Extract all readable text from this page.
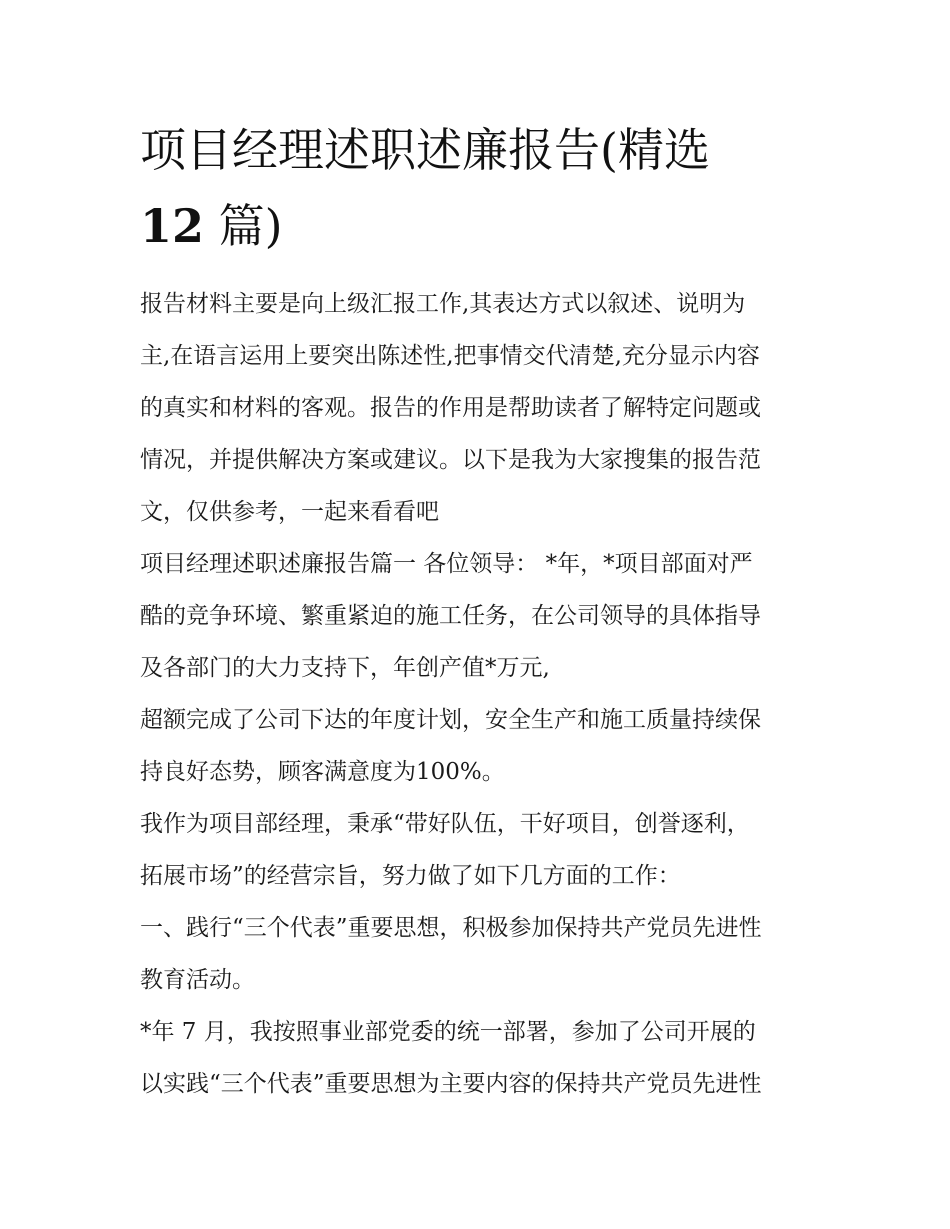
项目经理述职述廉报告(精选
12 篇)

报告材料主要是向上级汇报工作,其表达方式以叙述、说明为
主,在语言运用上要突出陈述性,把事情交代清楚,充分显示内容
的真实和材料的客观。报告的作用是帮助读者了解特定问题或
情况，并提供解决方案或建议。以下是我为大家搜集的报告范
文，仅供参考，一起来看看吧

项目经理述职述廉报告篇一 各位领导： *年，*项目部面对严
酷的竞争环境、繁重紧迫的施工任务，在公司领导的具体指导
及各部门的大力支持下，年创产值*万元,

超额完成了公司下达的年度计划，安全生产和施工质量持续保
持良好态势，顾客满意度为100%。

我作为项目部经理，秉承“带好队伍，干好项目，创誉逐利，
拓展市场”的经营宗旨，努力做了如下几方面的工作：

一、践行“三个代表”重要思想，积极参加保持共产党员先进性
教育活动。

*年 7 月，我按照事业部党委的统一部署，参加了公司开展的
以实践“三个代表”重要思想为主要内容的保持共产党员先进性
